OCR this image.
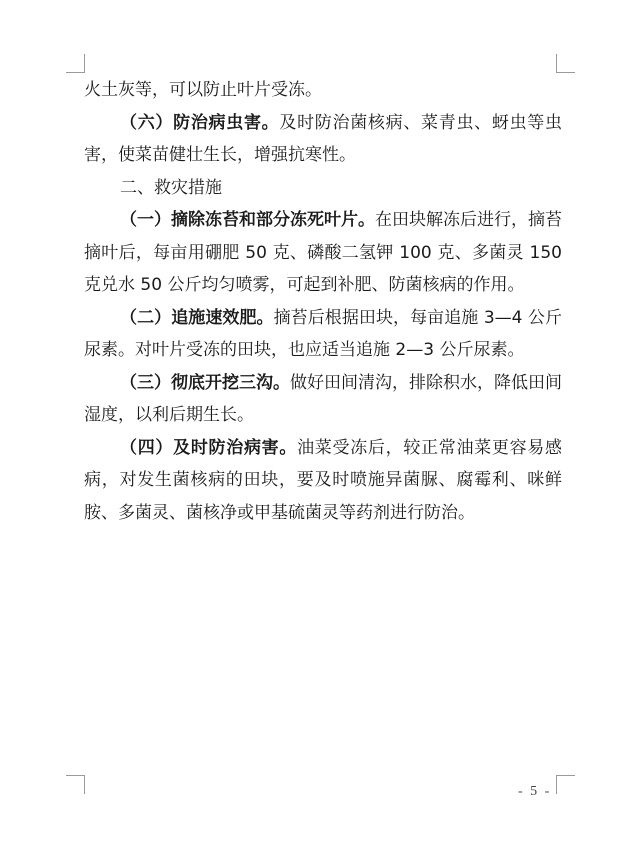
火土灰等，可以防止叶片受冻。

（六）防治病虫害。及时防治菌核病、菜青虫、蚜虫等虫害，使菜苗健壮生长，增强抗寒性。

二、救灾措施

（一）摘除冻苔和部分冻死叶片。在田块解冻后进行，摘苔摘叶后，每亩用硼肥 50 克、磷酸二氢钾 100 克、多菌灵 150 克兑水 50 公斤均匀喷雾，可起到补肥、防菌核病的作用。

（二）追施速效肥。摘苔后根据田块，每亩追施 3—4 公斤尿素。对叶片受冻的田块，也应适当追施 2—3 公斤尿素。

（三）彻底开挖三沟。做好田间清沟，排除积水，降低田间湿度，以利后期生长。

（四）及时防治病害。油菜受冻后，较正常油菜更容易感病，对发生菌核病的田块，要及时喷施异菌脲、腐霉利、咪鲜胺、多菌灵、菌核净或甲基硫菌灵等药剂进行防治。

- 5 -
